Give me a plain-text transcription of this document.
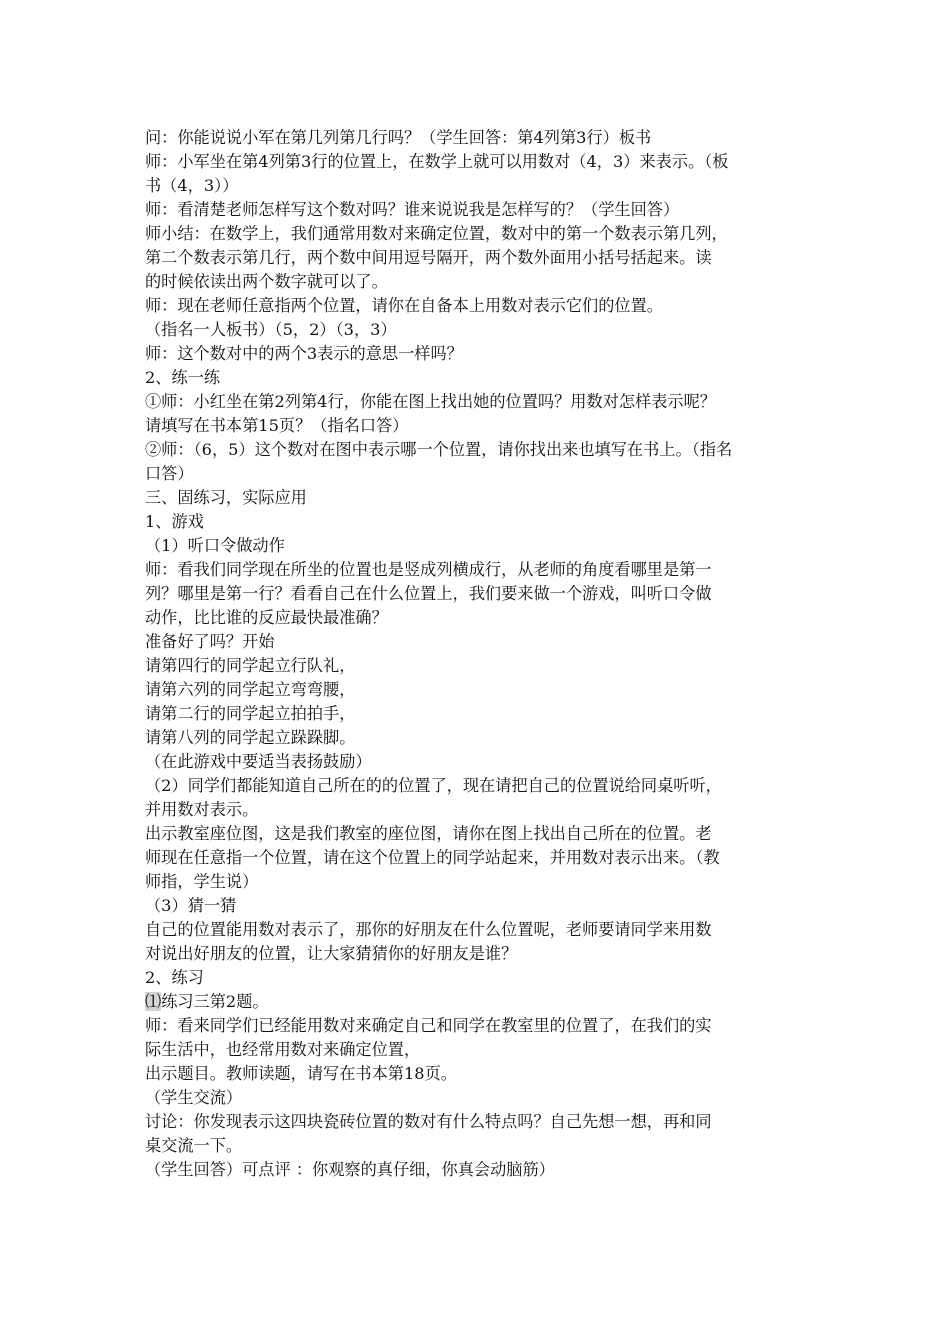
问：你能说说小军在第几列第几行吗？（学生回答：第4列第3行）板书
师：小军坐在第4列第3行的位置上，在数学上就可以用数对（4，3）来表示。（板
书（4，3））
师：看清楚老师怎样写这个数对吗？谁来说说我是怎样写的？（学生回答）
师小结：在数学上，我们通常用数对来确定位置，数对中的第一个数表示第几列，
第二个数表示第几行，两个数中间用逗号隔开，两个数外面用小括号括起来。读
的时候依读出两个数字就可以了。
师：现在老师任意指两个位置，请你在自备本上用数对表示它们的位置。
（指名一人板书）（5，2）（3，3）
师：这个数对中的两个3表示的意思一样吗？
2、练一练
①师：小红坐在第2列第4行，你能在图上找出她的位置吗？用数对怎样表示呢？
请填写在书本第15页？（指名口答）
②师：（6，5）这个数对在图中表示哪一个位置，请你找出来也填写在书上。（指名
口答）
三、固练习，实际应用
1、游戏
（1）听口令做动作
师：看我们同学现在所坐的位置也是竖成列横成行，从老师的角度看哪里是第一
列？哪里是第一行？看看自己在什么位置上，我们要来做一个游戏，叫听口令做
动作，比比谁的反应最快最准确？
准备好了吗？开始
请第四行的同学起立行队礼，
请第六列的同学起立弯弯腰，
请第二行的同学起立拍拍手，
请第八列的同学起立跺跺脚。
（在此游戏中要适当表扬鼓励）
（2）同学们都能知道自己所在的的位置了，现在请把自己的位置说给同桌听听，
并用数对表示。
出示教室座位图，这是我们教室的座位图，请你在图上找出自己所在的位置。老
师现在任意指一个位置，请在这个位置上的同学站起来，并用数对表示出来。（教
师指，学生说）
（3）猜一猜
自己的位置能用数对表示了，那你的好朋友在什么位置呢，老师要请同学来用数
对说出好朋友的位置，让大家猜猜你的好朋友是谁？
2、练习
⑴练习三第2题。
师：看来同学们已经能用数对来确定自己和同学在教室里的位置了，在我们的实
际生活中，也经常用数对来确定位置，
出示题目。教师读题，请写在书本第18页。
（学生交流）
讨论：你发现表示这四块瓷砖位置的数对有什么特点吗？自己先想一想，再和同
桌交流一下。
（学生回答）可点评 ：你观察的真仔细，你真会动脑筋）
